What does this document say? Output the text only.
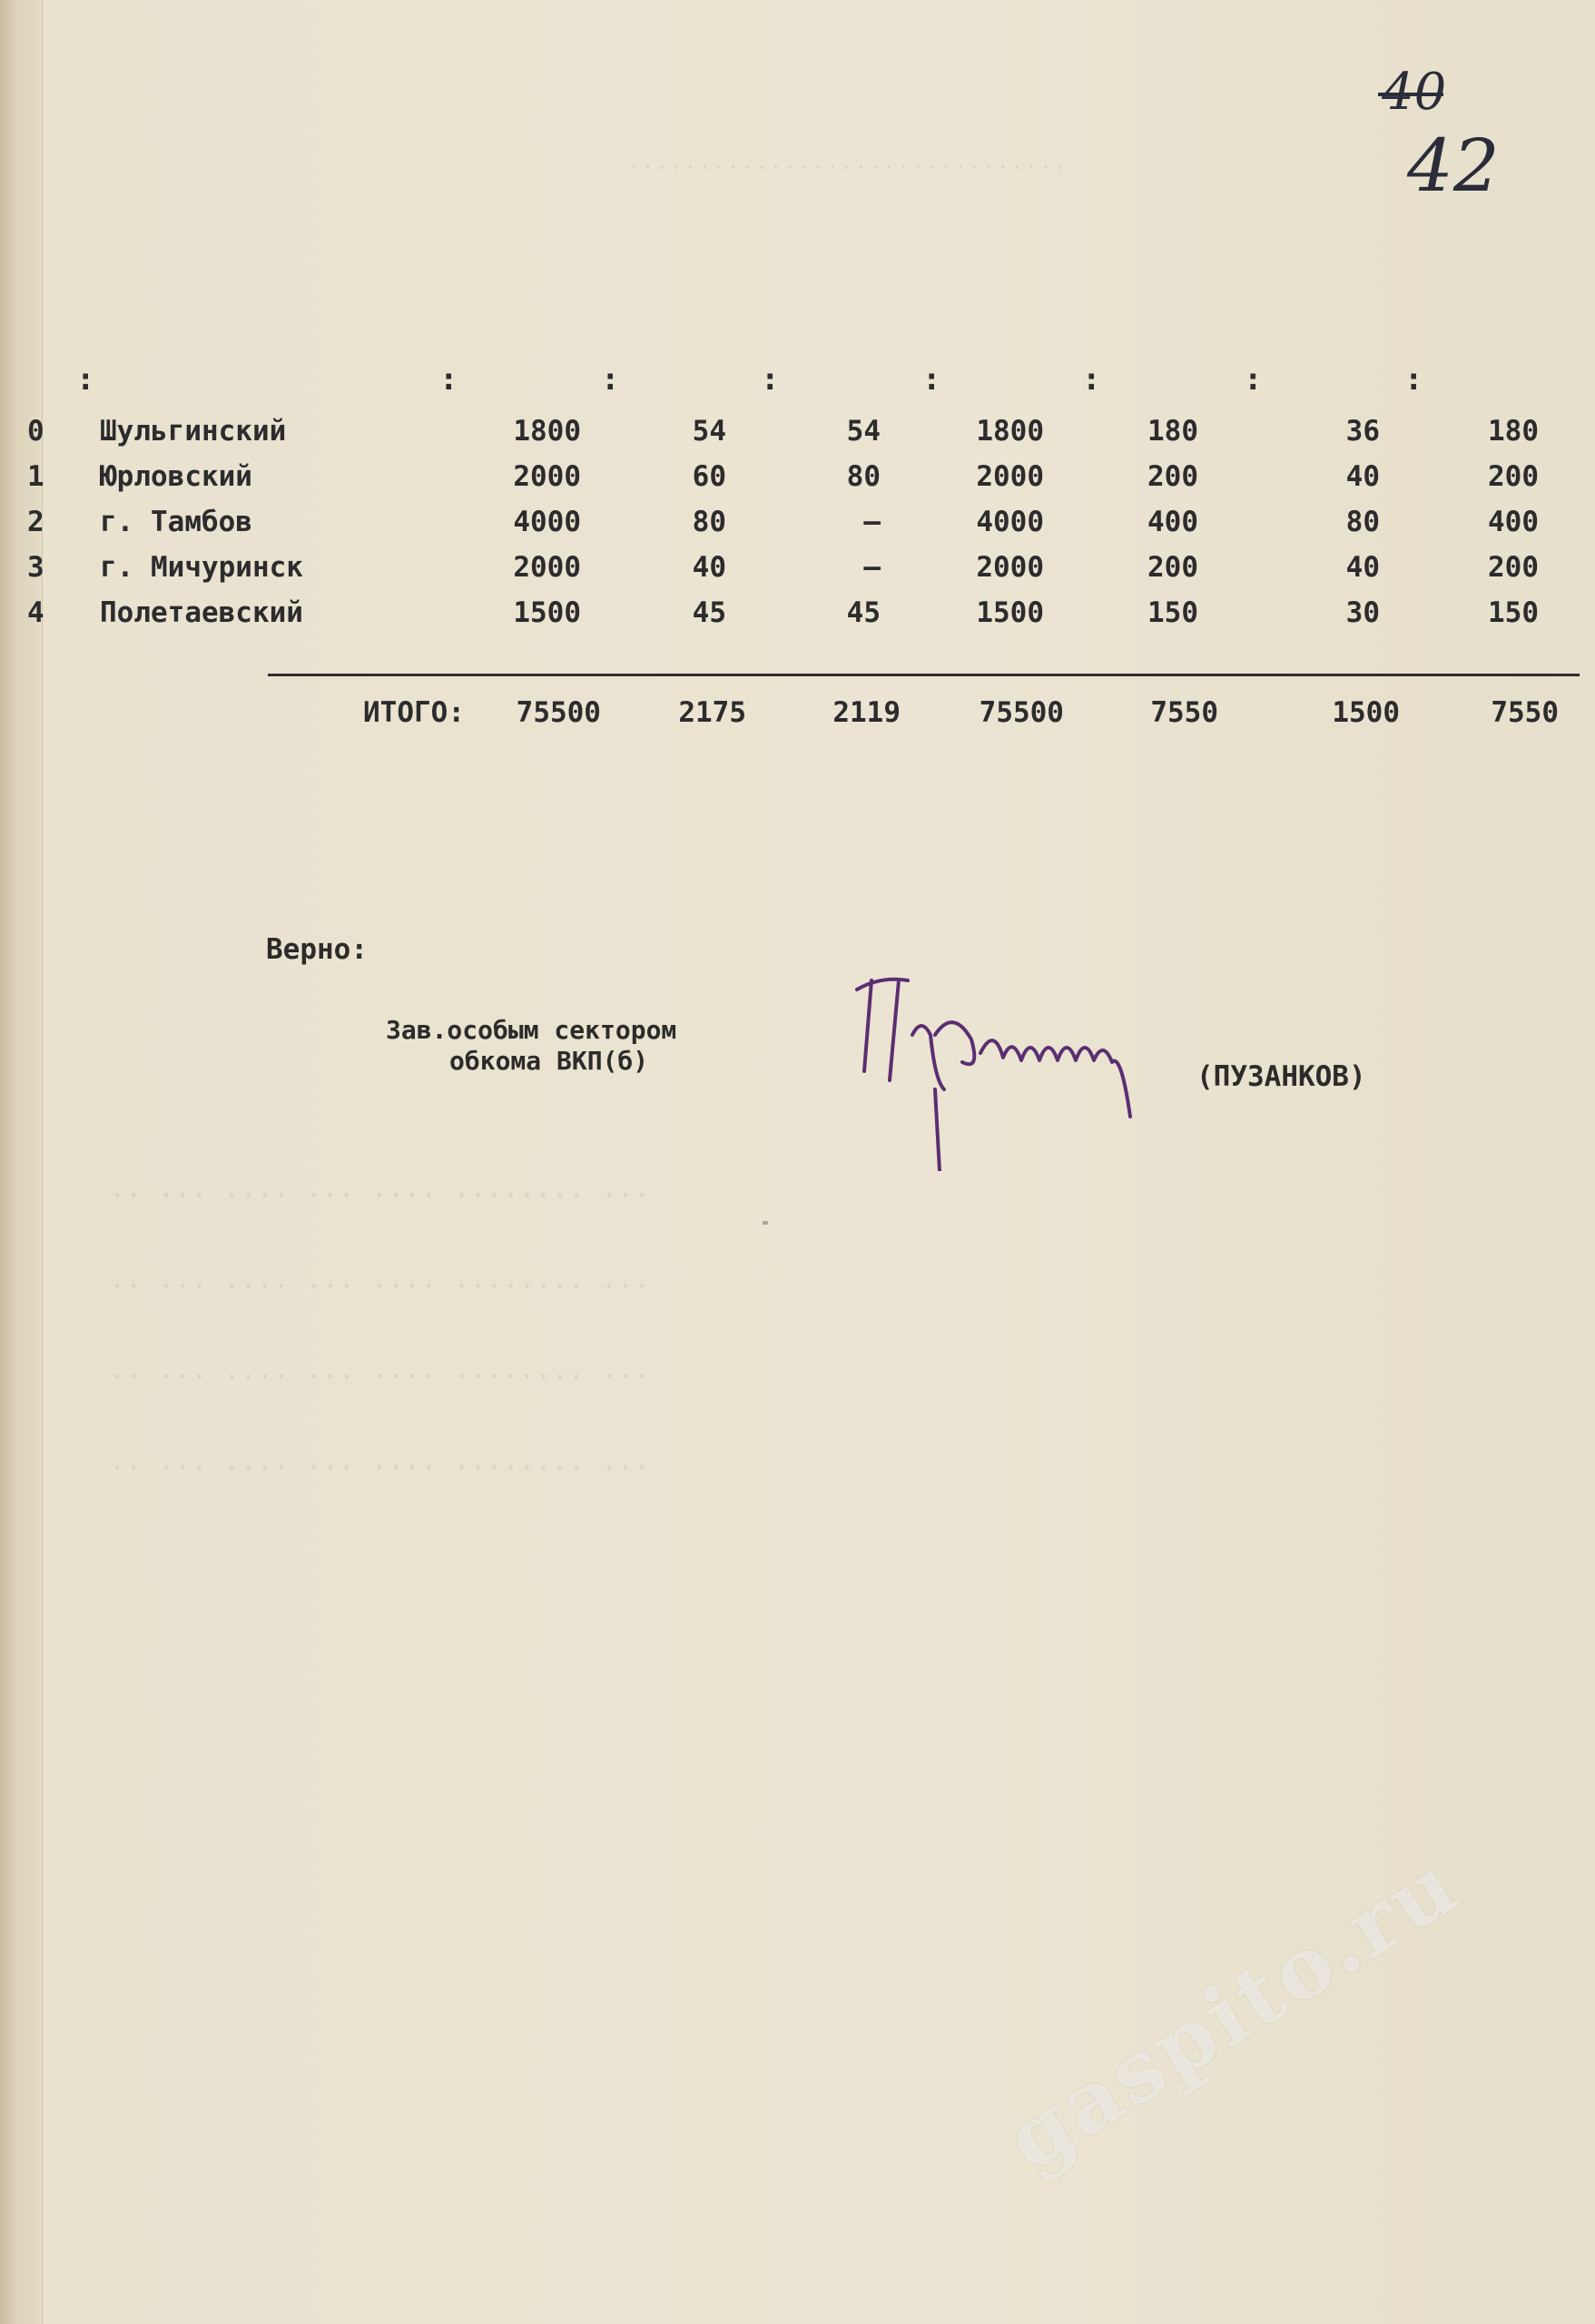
·······························
··· ········ ···· ··· ···· ··· ··
··· ········ ···· ··· ···· ··· ··
··· ········ ···· ··· ···· ··· ··
··· ········ ···· ··· ···· ··· ··
40
42
:	:	:	:	:	:	:	:
0	Шульгинский	1800	54	54	1800	180	36	180
1	Юрловский	2000	60	80	2000	200	40	200
2	г. Тамбов	4000	80	–	4000	400	80	400
3	г. Мичуринск	2000	40	–	2000	200	40	200
4	Полетаевский	1500	45	45	1500	150	30	150
	ИТОГО:	75500	2175	2119	75500	7550	1500	7550
Верно:
Зав.особым сектором
обкома ВКП(б)	(ПУЗАНКОВ)
gaspito.ru
